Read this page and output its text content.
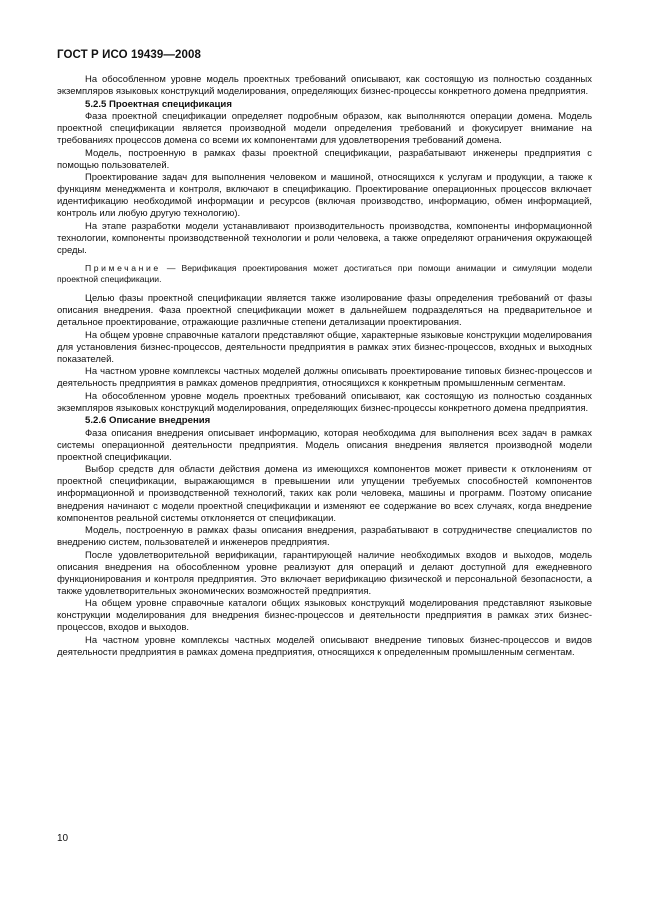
ГОСТ Р ИСО 19439—2008

На обособленном уровне модель проектных требований описывают, как состоящую из полностью созданных экземпляров языковых конструкций моделирования, определяющих бизнес-процессы конкретного домена предприятия.

5.2.5 Проектная спецификация

Фаза проектной спецификации определяет подробным образом, как выполняются операции домена. Модель проектной спецификации является производной модели определения требований и фокусирует внимание на требованиях процессов домена со всеми их компонентами для удовлетворения требований домена.

Модель, построенную в рамках фазы проектной спецификации, разрабатывают инженеры предприятия с помощью пользователей.

Проектирование задач для выполнения человеком и машиной, относящихся к услугам и продукции, а также к функциям менеджмента и контроля, включают в спецификацию. Проектирование операционных процессов включает идентификацию необходимой информации и ресурсов (включая производство, информацию, обмен информацией, контроль или любую другую технологию).

На этапе разработки модели устанавливают производительность производства, компоненты информационной технологии, компоненты производственной технологии и роли человека, а также определяют ограничения окружающей среды.

Примечание — Верификация проектирования может достигаться при помощи анимации и симуляции модели проектной спецификации.

Целью фазы проектной спецификации является также изолирование фазы определения требований от фазы описания внедрения. Фаза проектной спецификации может в дальнейшем подразделяться на предварительное и детальное проектирование, отражающие различные степени детализации проектирования.

На общем уровне справочные каталоги представляют общие, характерные языковые конструкции моделирования для установления бизнес-процессов, деятельности предприятия в рамках этих бизнес-процессов, входных и выходных показателей.

На частном уровне комплексы частных моделей должны описывать проектирование типовых бизнес-процессов и деятельность предприятия в рамках доменов предприятия, относящихся к конкретным промышленным сегментам.

На обособленном уровне модель проектных требований описывают, как состоящую из полностью созданных экземпляров языковых конструкций моделирования, определяющих бизнес-процессы конкретного домена предприятия.

5.2.6 Описание внедрения

Фаза описания внедрения описывает информацию, которая необходима для выполнения всех задач в рамках системы операционной деятельности предприятия. Модель описания внедрения является производной модели проектной спецификации.

Выбор средств для области действия домена из имеющихся компонентов может привести к отклонениям от проектной спецификации, выражающимся в превышении или упущении требуемых способностей компонентов информационной и производственной технологий, таких как роли человека, машины и программ. Поэтому описание внедрения начинают с модели проектной спецификации и изменяют ее содержание во всех случаях, когда внедрение компонентов реальной системы отклоняется от спецификации.

Модель, построенную в рамках фазы описания внедрения, разрабатывают в сотрудничестве специалистов по внедрению систем, пользователей и инженеров предприятия.

После удовлетворительной верификации, гарантирующей наличие необходимых входов и выходов, модель описания внедрения на обособленном уровне реализуют для операций и делают доступной для ежедневного функционирования и контроля предприятия. Это включает верификацию физической и персональной безопасности, а также удовлетворительных экономических возможностей предприятия.

На общем уровне справочные каталоги общих языковых конструкций моделирования представляют языковые конструкции моделирования для внедрения бизнес-процессов и деятельности предприятия в рамках этих бизнес-процессов, входов и выходов.

На частном уровне комплексы частных моделей описывают внедрение типовых бизнес-процессов и видов деятельности предприятия в рамках домена предприятия, относящихся к определенным промышленным сегментам.

10
